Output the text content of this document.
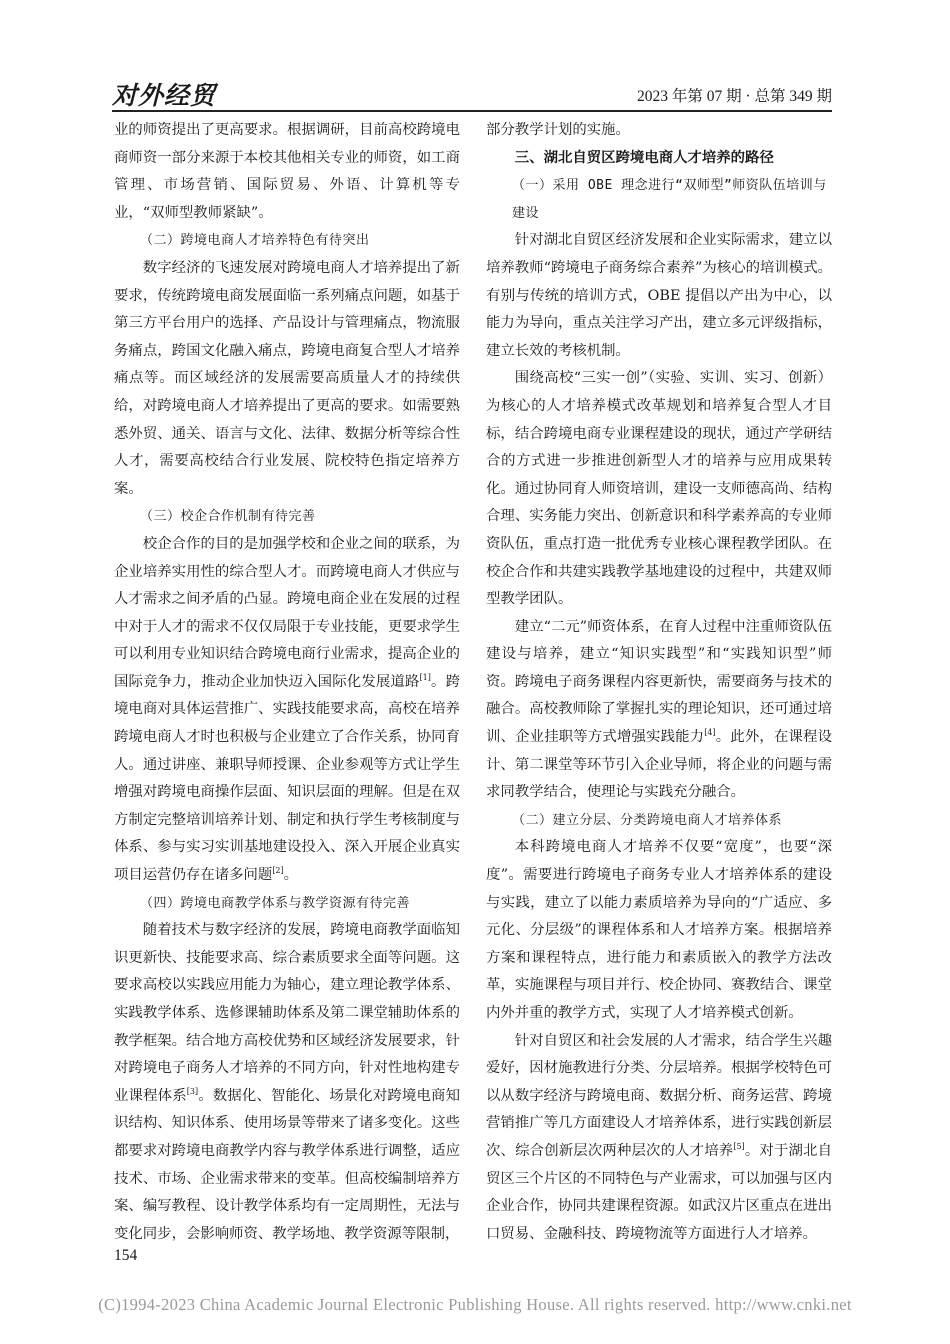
对外经贸	2023 年第 07 期 · 总第 349 期

业的师资提出了更高要求。根据调研，目前高校跨境电商师资一部分来源于本校其他相关专业的师资，如工商管理、市场营销、国际贸易、外语、计算机等专业，“双师型教师紧缺”。

（二）跨境电商人才培养特色有待突出

数字经济的飞速发展对跨境电商人才培养提出了新要求，传统跨境电商发展面临一系列痛点问题，如基于第三方平台用户的选择、产品设计与管理痛点，物流服务痛点，跨国文化融入痛点，跨境电商复合型人才培养痛点等。而区域经济的发展需要高质量人才的持续供给，对跨境电商人才培养提出了更高的要求。如需要熟悉外贸、通关、语言与文化、法律、数据分析等综合性人才，需要高校结合行业发展、院校特色指定培养方案。

（三）校企合作机制有待完善

校企合作的目的是加强学校和企业之间的联系，为企业培养实用性的综合型人才。而跨境电商人才供应与人才需求之间矛盾的凸显。跨境电商企业在发展的过程中对于人才的需求不仅仅局限于专业技能，更要求学生可以利用专业知识结合跨境电商行业需求，提高企业的国际竞争力，推动企业加快迈入国际化发展道路[1]。跨境电商对具体运营推广、实践技能要求高，高校在培养跨境电商人才时也积极与企业建立了合作关系，协同育人。通过讲座、兼职导师授课、企业参观等方式让学生增强对跨境电商操作层面、知识层面的理解。但是在双方制定完整培训培养计划、制定和执行学生考核制度与体系、参与实习实训基地建设投入、深入开展企业真实项目运营仍存在诸多问题[2]。

（四）跨境电商教学体系与教学资源有待完善

随着技术与数字经济的发展，跨境电商教学面临知识更新快、技能要求高、综合素质要求全面等问题。这要求高校以实践应用能力为轴心，建立理论教学体系、实践教学体系、选修课辅助体系及第二课堂辅助体系的教学框架。结合地方高校优势和区域经济发展要求，针对跨境电子商务人才培养的不同方向，针对性地构建专业课程体系[3]。数据化、智能化、场景化对跨境电商知识结构、知识体系、使用场景等带来了诸多变化。这些都要求对跨境电商教学内容与教学体系进行调整，适应技术、市场、企业需求带来的变革。但高校编制培养方案、编写教程、设计教学体系均有一定周期性，无法与变化同步，会影响师资、教学场地、教学资源等限制，

部分教学计划的实施。

三、湖北自贸区跨境电商人才培养的路径
（一）采用 OBE 理念进行“双师型”师资队伍培训与建设

针对湖北自贸区经济发展和企业实际需求，建立以培养教师“跨境电子商务综合素养”为核心的培训模式。有别与传统的培训方式，OBE 提倡以产出为中心，以能力为导向，重点关注学习产出，建立多元评级指标，建立长效的考核机制。

围绕高校“三实一创”（实验、实训、实习、创新）为核心的人才培养模式改革规划和培养复合型人才目标，结合跨境电商专业课程建设的现状，通过产学研结合的方式进一步推进创新型人才的培养与应用成果转化。通过协同育人师资培训，建设一支师德高尚、结构合理、实务能力突出、创新意识和科学素养高的专业师资队伍，重点打造一批优秀专业核心课程教学团队。在校企合作和共建实践教学基地建设的过程中，共建双师型教学团队。

建立“二元”师资体系，在育人过程中注重师资队伍建设与培养，建立“知识实践型”和“实践知识型”师资。跨境电子商务课程内容更新快，需要商务与技术的融合。高校教师除了掌握扎实的理论知识，还可通过培训、企业挂职等方式增强实践能力[4]。此外，在课程设计、第二课堂等环节引入企业导师，将企业的问题与需求同教学结合，使理论与实践充分融合。

（二）建立分层、分类跨境电商人才培养体系

本科跨境电商人才培养不仅要“宽度”，也要“深度”。需要进行跨境电子商务专业人才培养体系的建设与实践，建立了以能力素质培养为导向的“广适应、多元化、分层级”的课程体系和人才培养方案。根据培养方案和课程特点，进行能力和素质嵌入的教学方法改革，实施课程与项目并行、校企协同、赛教结合、课堂内外并重的教学方式，实现了人才培养模式创新。

针对自贸区和社会发展的人才需求，结合学生兴趣爱好，因材施教进行分类、分层培养。根据学校特色可以从数字经济与跨境电商、数据分析、商务运营、跨境营销推广等几方面建设人才培养体系，进行实践创新层次、综合创新层次两种层次的人才培养[5]。对于湖北自贸区三个片区的不同特色与产业需求，可以加强与区内企业合作，协同共建课程资源。如武汉片区重点在进出口贸易、金融科技、跨境物流等方面进行人才培养。

154
(C)1994-2023 China Academic Journal Electronic Publishing House. All rights reserved. http://www.cnki.net
